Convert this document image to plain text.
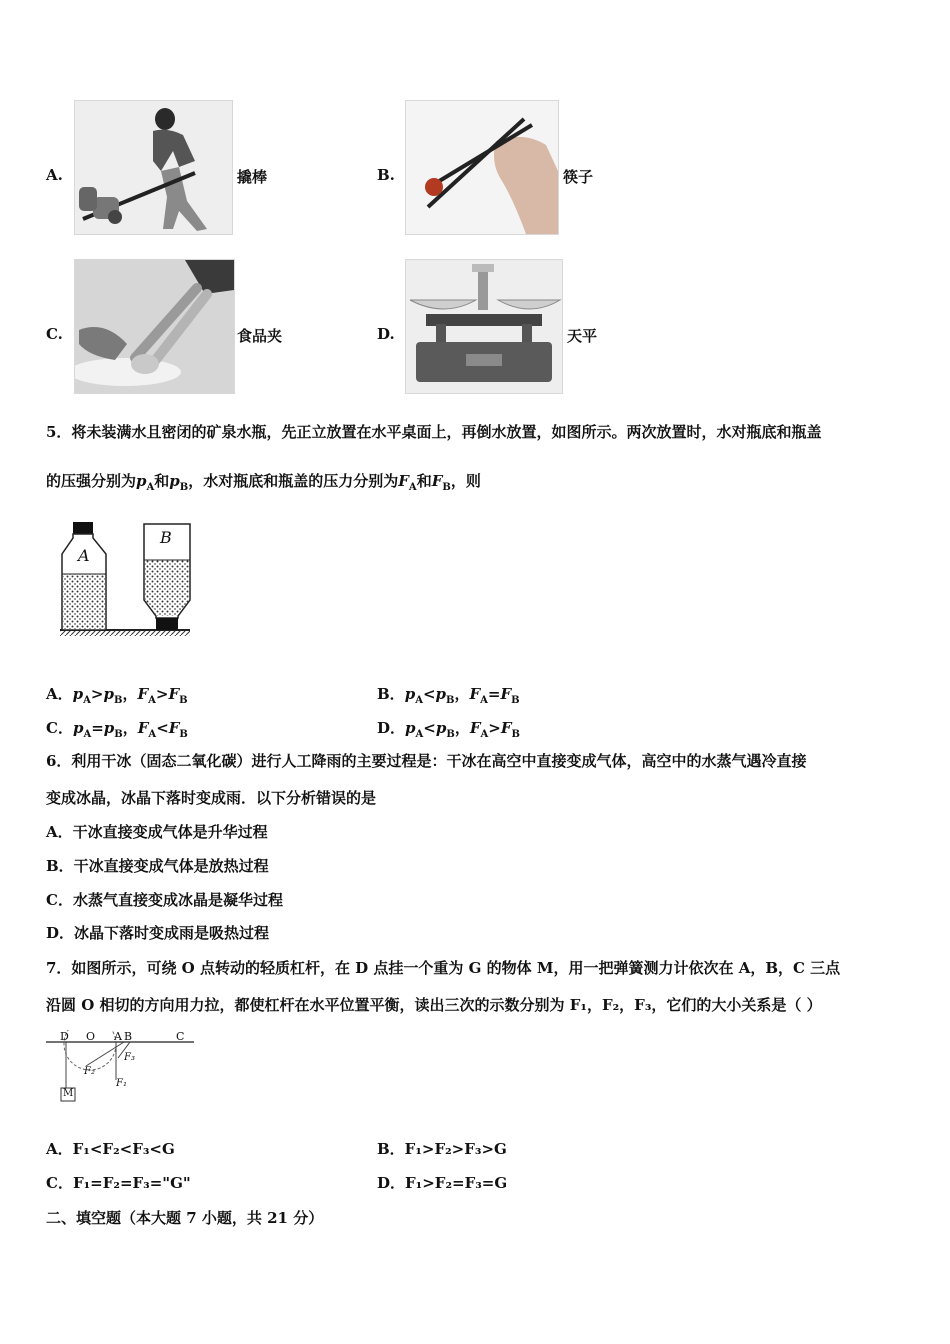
A.	撬棒	B.	筷子
C.	食品夹	D.	天平
5．将未装满水且密闭的矿泉水瓶，先正立放置在水平桌面上，再倒水放置，如图所示。两次放置时，水对瓶底和瓶盖
的压强分别为$p_A$和$p_B$，水对瓶底和瓶盖的压力分别为$F_A$和$F_B$，则
A
B
A．$p_A>p_B$，$F_A>F_B$	B．$p_A<p_B$，$F_A=F_B$
C．$p_A=p_B$，$F_A<F_B$	D．$p_A<p_B$，$F_A>F_B$
6．利用干冰（固态二氧化碳）进行人工降雨的主要过程是：干冰在高空中直接变成气体，高空中的水蒸气遇冷直接
变成冰晶，冰晶下落时变成雨．以下分析错误的是
A．干冰直接变成气体是升华过程
B．干冰直接变成气体是放热过程
C．水蒸气直接变成冰晶是凝华过程
D．冰晶下落时变成雨是吸热过程
7．如图所示，可绕 O 点转动的轻质杠杆，在 D 点挂一个重为 G 的物体 M，用一把弹簧测力计依次在 A，B，C 三点
沿圆 O 相切的方向用力拉，都使杠杆在水平位置平衡，读出三次的示数分别为 F₁，F₂，F₃，它们的大小关系是（ ）
D O A B	C
F₂
F₃
F₁
M
A．F₁<F₂<F₃<G	B．F₁>F₂>F₃>G
C．F₁=F₂=F₃="G"	D．F₁>F₂=F₃=G
二、填空题（本大题 7 小题，共 21 分）
